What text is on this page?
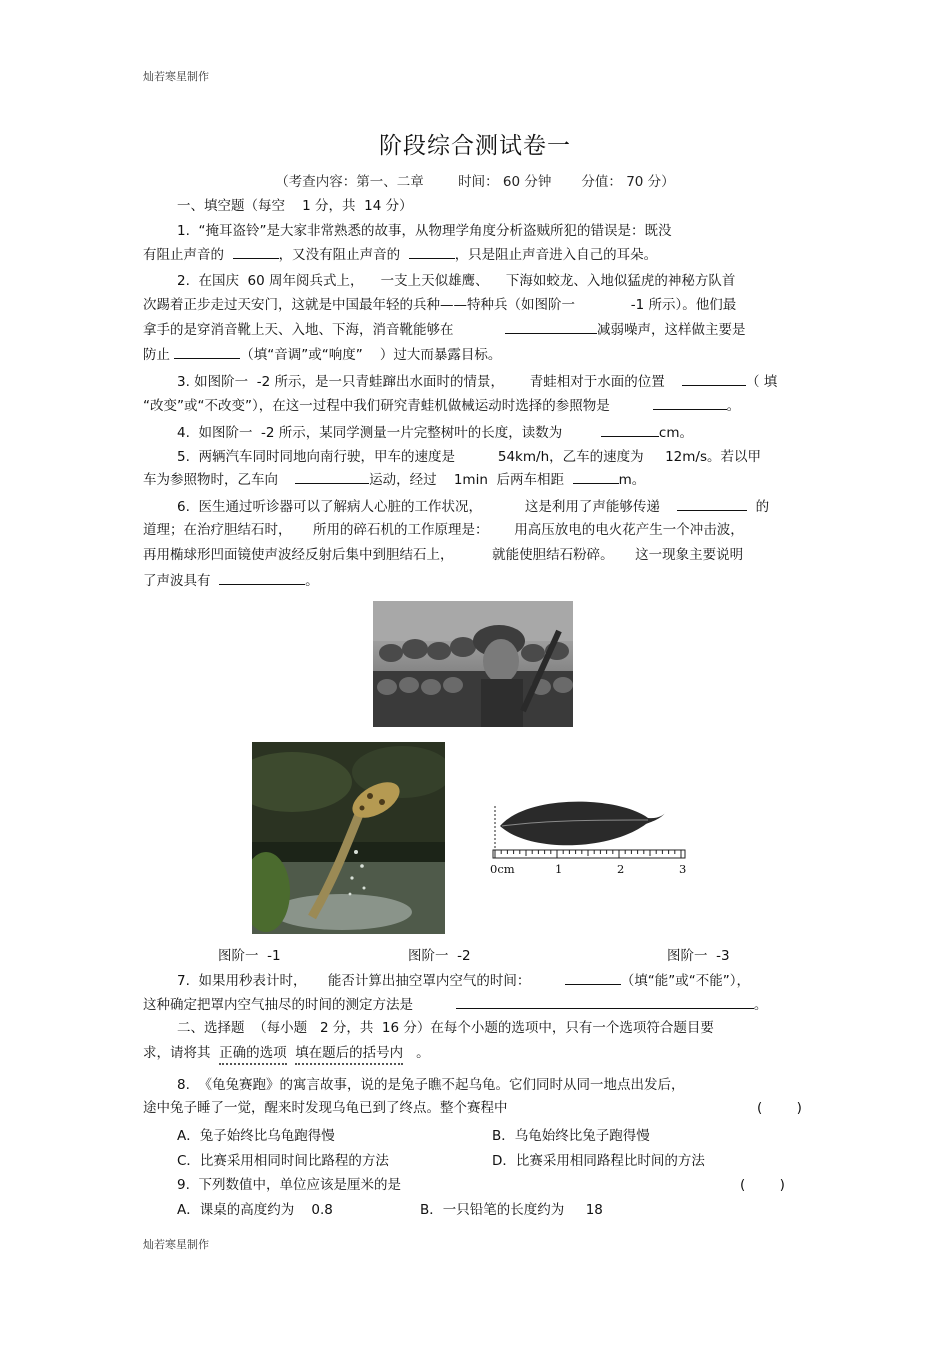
灿若寒星制作
阶段综合测试卷一
（考查内容：第一、二章        时间： 60 分钟       分值： 70 分）
一、填空题（每空    1 分，共  14 分）
1.  “掩耳盗铃”是大家非常熟悉的故事，从物理学角度分析盗贼所犯的错误是：既没
有阻止声音的	，又没有阻止声音的	，只是阻止声音进入自己的耳朵。
2.  在国庆  60 周年阅兵式上，    一支上天似雄鹰、    下海如蛟龙、入地似猛虎的神秘方队首
次踢着正步走过天安门，这就是中国最年轻的兵种——特种兵（如图阶一             -1 所示）。他们最
拿手的是穿消音靴上天、入地、下海，消音靴能够在	减弱噪声，这样做主要是
防止	（填“音调”或“响度”    ）过大而暴露目标。
3. 如图阶一  -2 所示，是一只青蛙蹿出水面时的情景，      青蛙相对于水面的位置	（ 填
“改变”或“不改变”），在这一过程中我们研究青蛙机做械运动时选择的参照物是	。
4.  如图阶一  -2 所示，某同学测量一片完整树叶的长度，读数为	cm。
5.  两辆汽车同时同地向南行驶，甲车的速度是          54km/h，乙车的速度为     12m/s。若以甲
车为参照物时，乙车向	运动，经过    1min  后两车相距	m。
6.  医生通过听诊器可以了解病人心脏的工作状况，          这是利用了声能够传递	的
道理；在治疗胆结石时，     所用的碎石机的工作原理是：      用高压放电的电火花产生一个冲击波，
再用椭球形凹面镜使声波经反射后集中到胆结石上，         就能使胆结石粉碎。     这一现象主要说明
了声波具有	。
0cm	1	2	3
图阶一  -1	图阶一  -2	图阶一  -3
7.  如果用秒表计时，     能否计算出抽空罩内空气的时间：	（填“能”或“不能”），
这种确定把罩内空气抽尽的时间的测定方法是	。
二、选择题  （每小题   2 分，共  16 分）在每个小题的选项中，只有一个选项符合题目要
求，请将其 正确的选项 填在题后的括号内 。
8.  《龟兔赛跑》的寓言故事，说的是兔子瞧不起乌龟。它们同时从同一地点出发后，
途中兔子睡了一觉，醒来时发现乌龟已到了终点。整个赛程中	(        )
A．兔子始终比乌龟跑得慢	B．乌龟始终比兔子跑得慢
C．比赛采用相同时间比路程的方法	D．比赛采用相同路程比时间的方法
9.  下列数值中，单位应该是厘米的是	(        )
A．课桌的高度约为    0.8	B．一只铅笔的长度约为     18
灿若寒星制作
